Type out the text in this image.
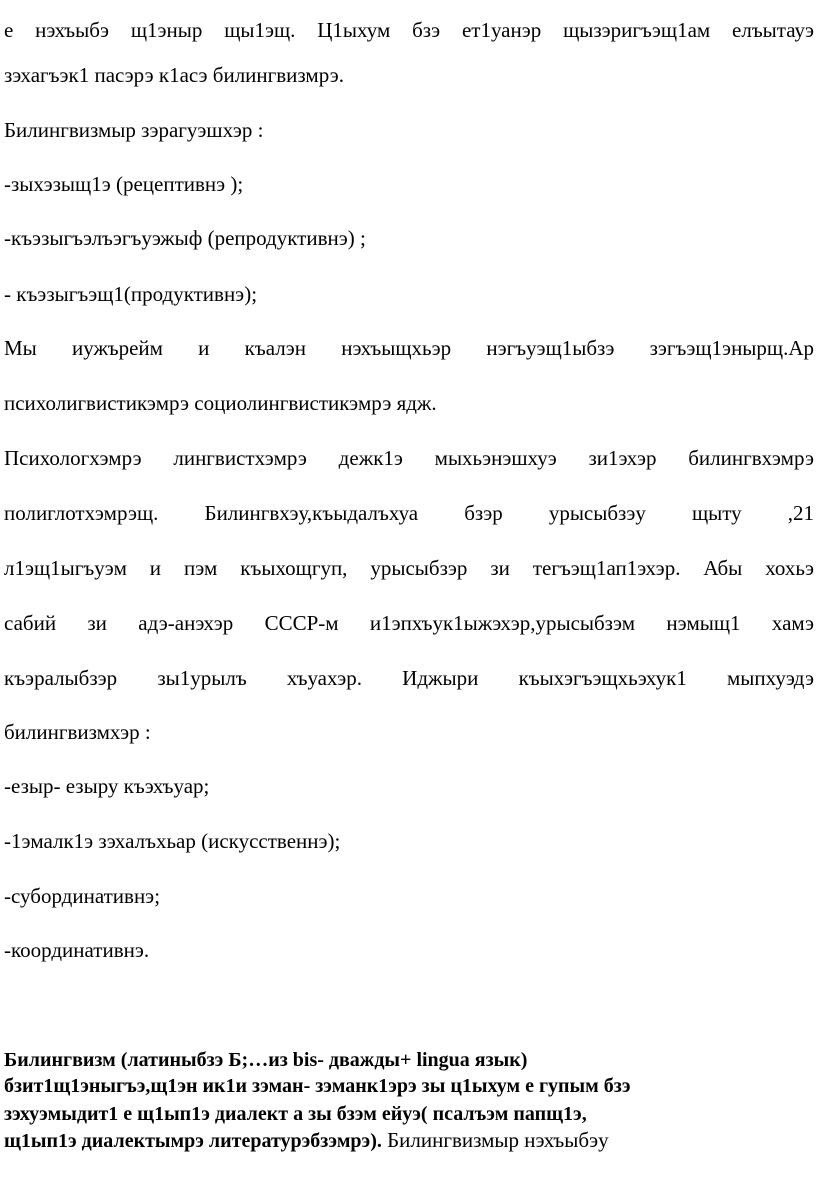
е нэхъыбэ щ1эныр щы1эщ. Ц1ыхум бзэ ет1уанэр щызэригъэщ1ам елъытауэ
зэхагъэк1 пасэрэ к1асэ билингвизмрэ.
Билингвизмыр зэрагуэшхэр :
-зыхэзыщ1э (рецептивнэ );
-къэзыгъэлъэгъуэжыф (репродуктивнэ) ;
- къэзыгъэщ1(продуктивнэ);
Мы иужърейм и къалэн нэхъыщхьэр нэгъуэщ1ыбзэ зэгъэщ1энырщ.Ар
психолигвистикэмрэ социолингвистикэмрэ ядж.
Психологхэмрэ лингвистхэмрэ дежк1э мыхьэнэшхуэ зи1эхэр билингвхэмрэ
полиглотхэмрэщ. Билингвхэу,къыдалъхуа бзэр урысыбзэу щыту ,21
л1эщ1ыгъуэм и пэм къыхощгуп, урысыбзэр зи тегъэщ1ап1эхэр. Абы хохьэ
сабий зи адэ-анэхэр СССР-м и1эпхъук1ыжэхэр,урысыбзэм нэмыщ1 хамэ
къэралыбзэр зы1урылъ хъуахэр. Иджыри къыхэгъэщхьэхук1 мыпхуэдэ
билингвизмхэр :
-езыр- езыру къэхъуар;
-1эмалк1э зэхалъхьар (искусственнэ);
-субординативнэ;
-координативнэ.
Билингвизм (латиныбзэ Б;…из bis- дважды+ lingua язык)
бзит1щ1эныгъэ,щ1эн ик1и зэман- зэманк1эрэ зы ц1ыхум е гупым бзэ
зэхуэмыдит1 е щ1ып1э диалект а зы бзэм ейуэ( псалъэм папщ1э,
щ1ып1э диалектымрэ литературэбзэмрэ). Билингвизмыр нэхъыбэу
